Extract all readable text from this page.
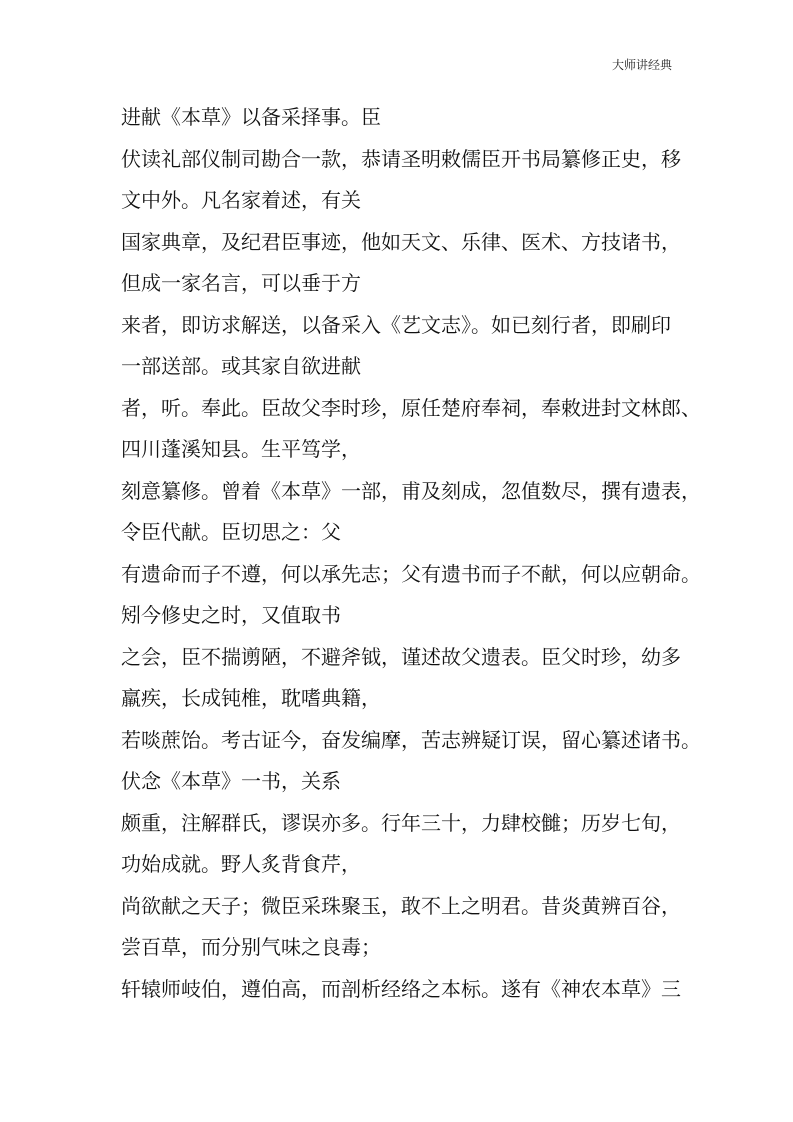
大师讲经典
进献《本草》以备采择事。臣
伏读礼部仪制司勘合一款，恭请圣明敕儒臣开书局纂修正史，移
文中外。凡名家着述，有关
国家典章，及纪君臣事迹，他如天文、乐律、医术、方技诸书，
但成一家名言，可以垂于方
来者，即访求解送，以备采入《艺文志》。如已刻行者，即刷印
一部送部。或其家自欲进献
者，听。奉此。臣故父李时珍，原任楚府奉祠，奉敕进封文林郎、
四川蓬溪知县。生平笃学，
刻意纂修。曾着《本草》一部，甫及刻成，忽值数尽，撰有遗表，
令臣代献。臣切思之：父
有遗命而子不遵，何以承先志；父有遗书而子不献，何以应朝命。
矧今修史之时，又值取书
之会，臣不揣谫陋，不避斧钺，谨述故父遗表。臣父时珍，幼多
羸疾，长成钝椎，耽嗜典籍，
若啖蔗饴。考古证今，奋发编摩，苦志辨疑订误，留心纂述诸书。
伏念《本草》一书，关系
颇重，注解群氏，谬误亦多。行年三十，力肆校雠；历岁七旬，
功始成就。野人炙背食芹，
尚欲献之天子；微臣采珠聚玉，敢不上之明君。昔炎黄辨百谷，
尝百草，而分别气味之良毒；
轩辕师岐伯，遵伯高，而剖析经络之本标。遂有《神农本草》三
